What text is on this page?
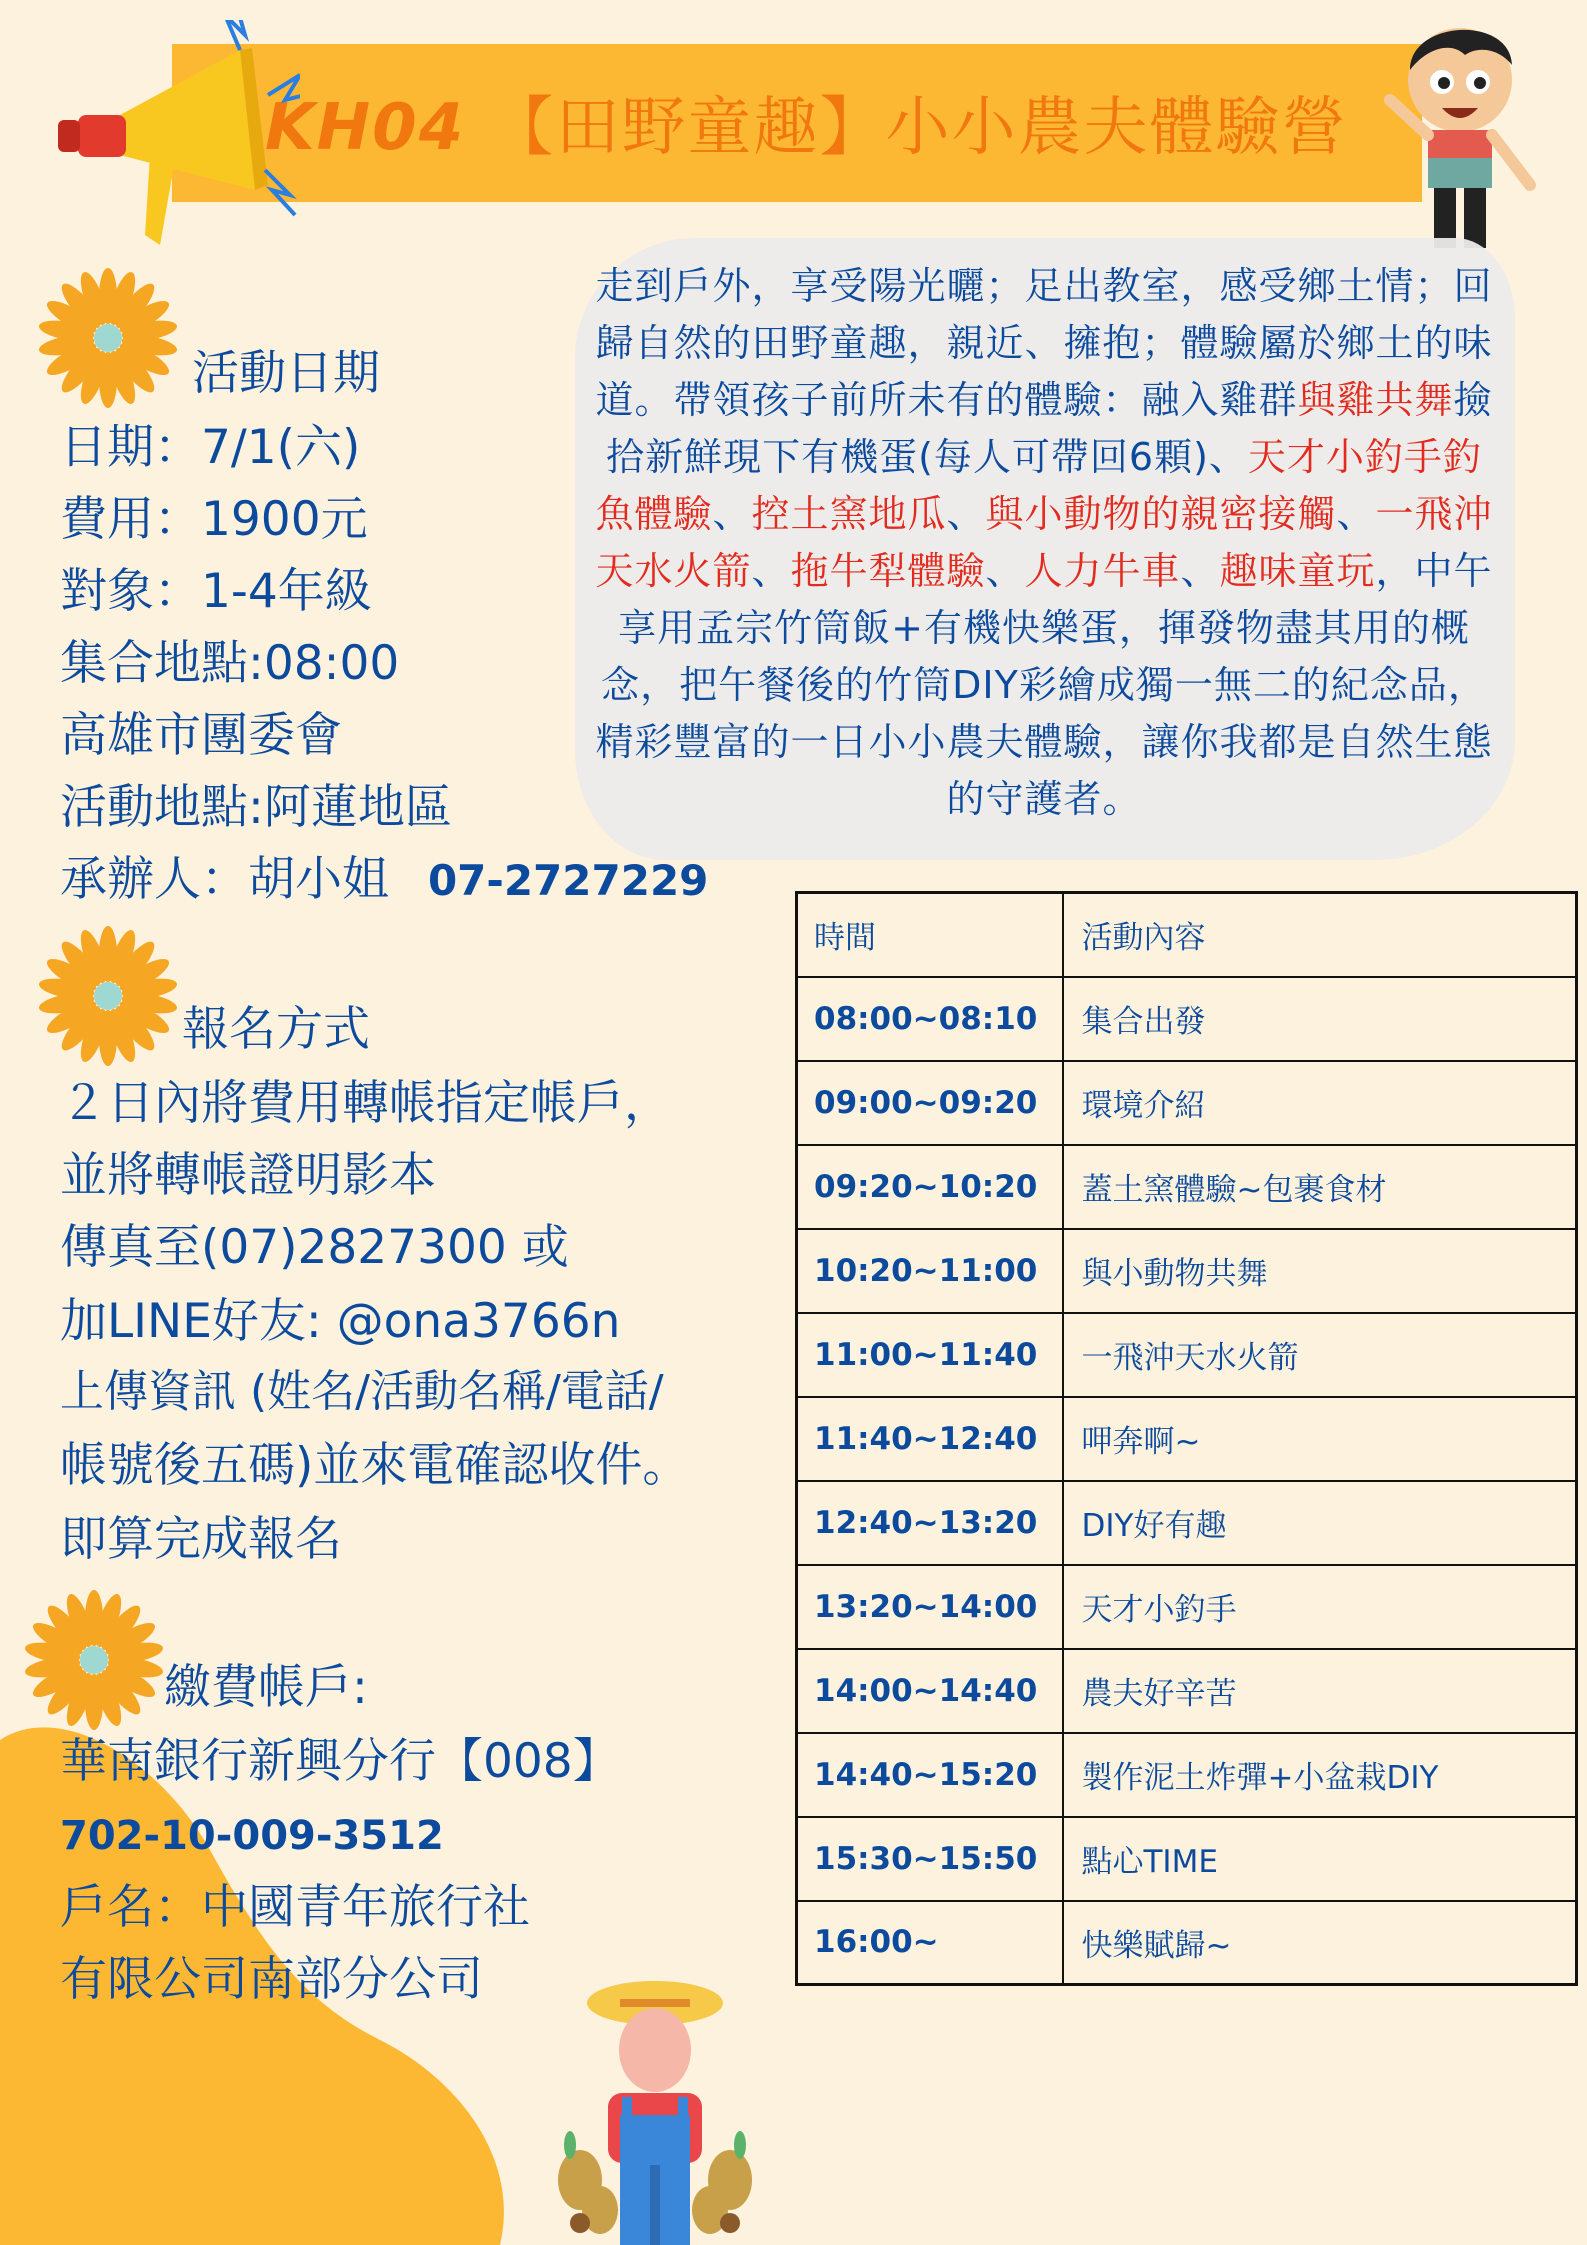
KH04 【田野童趣】小小農夫體驗營
活動日期
日期：7/1(六)
費用：1900元
對象：1-4年級
集合地點:08:00
高雄市團委會
活動地點:阿蓮地區
承辦人：胡小姐 07-2727229
報名方式
２日內將費用轉帳指定帳戶，
並將轉帳證明影本
傳真至(07)2827300 或
加LINE好友: @ona3766n
上傳資訊 (姓名/活動名稱/電話/
帳號後五碼)並來電確認收件。
即算完成報名
繳費帳戶:
華南銀行新興分行【008】
702-10-009-3512
戶名：中國青年旅行社
有限公司南部分公司
走到戶外，享受陽光曬；足出教室，感受鄉土情；回歸自然的田野童趣，親近、擁抱；體驗屬於鄉土的味道。帶領孩子前所未有的體驗：融入雞群與雞共舞撿拾新鮮現下有機蛋(每人可帶回6顆)、天才小釣手釣魚體驗、控土窯地瓜、與小動物的親密接觸、一飛沖天水火箭、拖牛犁體驗、人力牛車、趣味童玩，中午享用孟宗竹筒飯+有機快樂蛋，揮發物盡其用的概念，把午餐後的竹筒DIY彩繪成獨一無二的紀念品，精彩豐富的一日小小農夫體驗，讓你我都是自然生態的守護者。
時間	活動內容
08:00~08:10	集合出發
09:00~09:20	環境介紹
09:20~10:20	蓋土窯體驗~包裹食材
10:20~11:00	與小動物共舞
11:00~11:40	一飛沖天水火箭
11:40~12:40	呷奔啊~
12:40~13:20	DIY好有趣
13:20~14:00	天才小釣手
14:00~14:40	農夫好辛苦
14:40~15:20	製作泥土炸彈+小盆栽DIY
15:30~15:50	點心TIME
16:00~	快樂賦歸~
